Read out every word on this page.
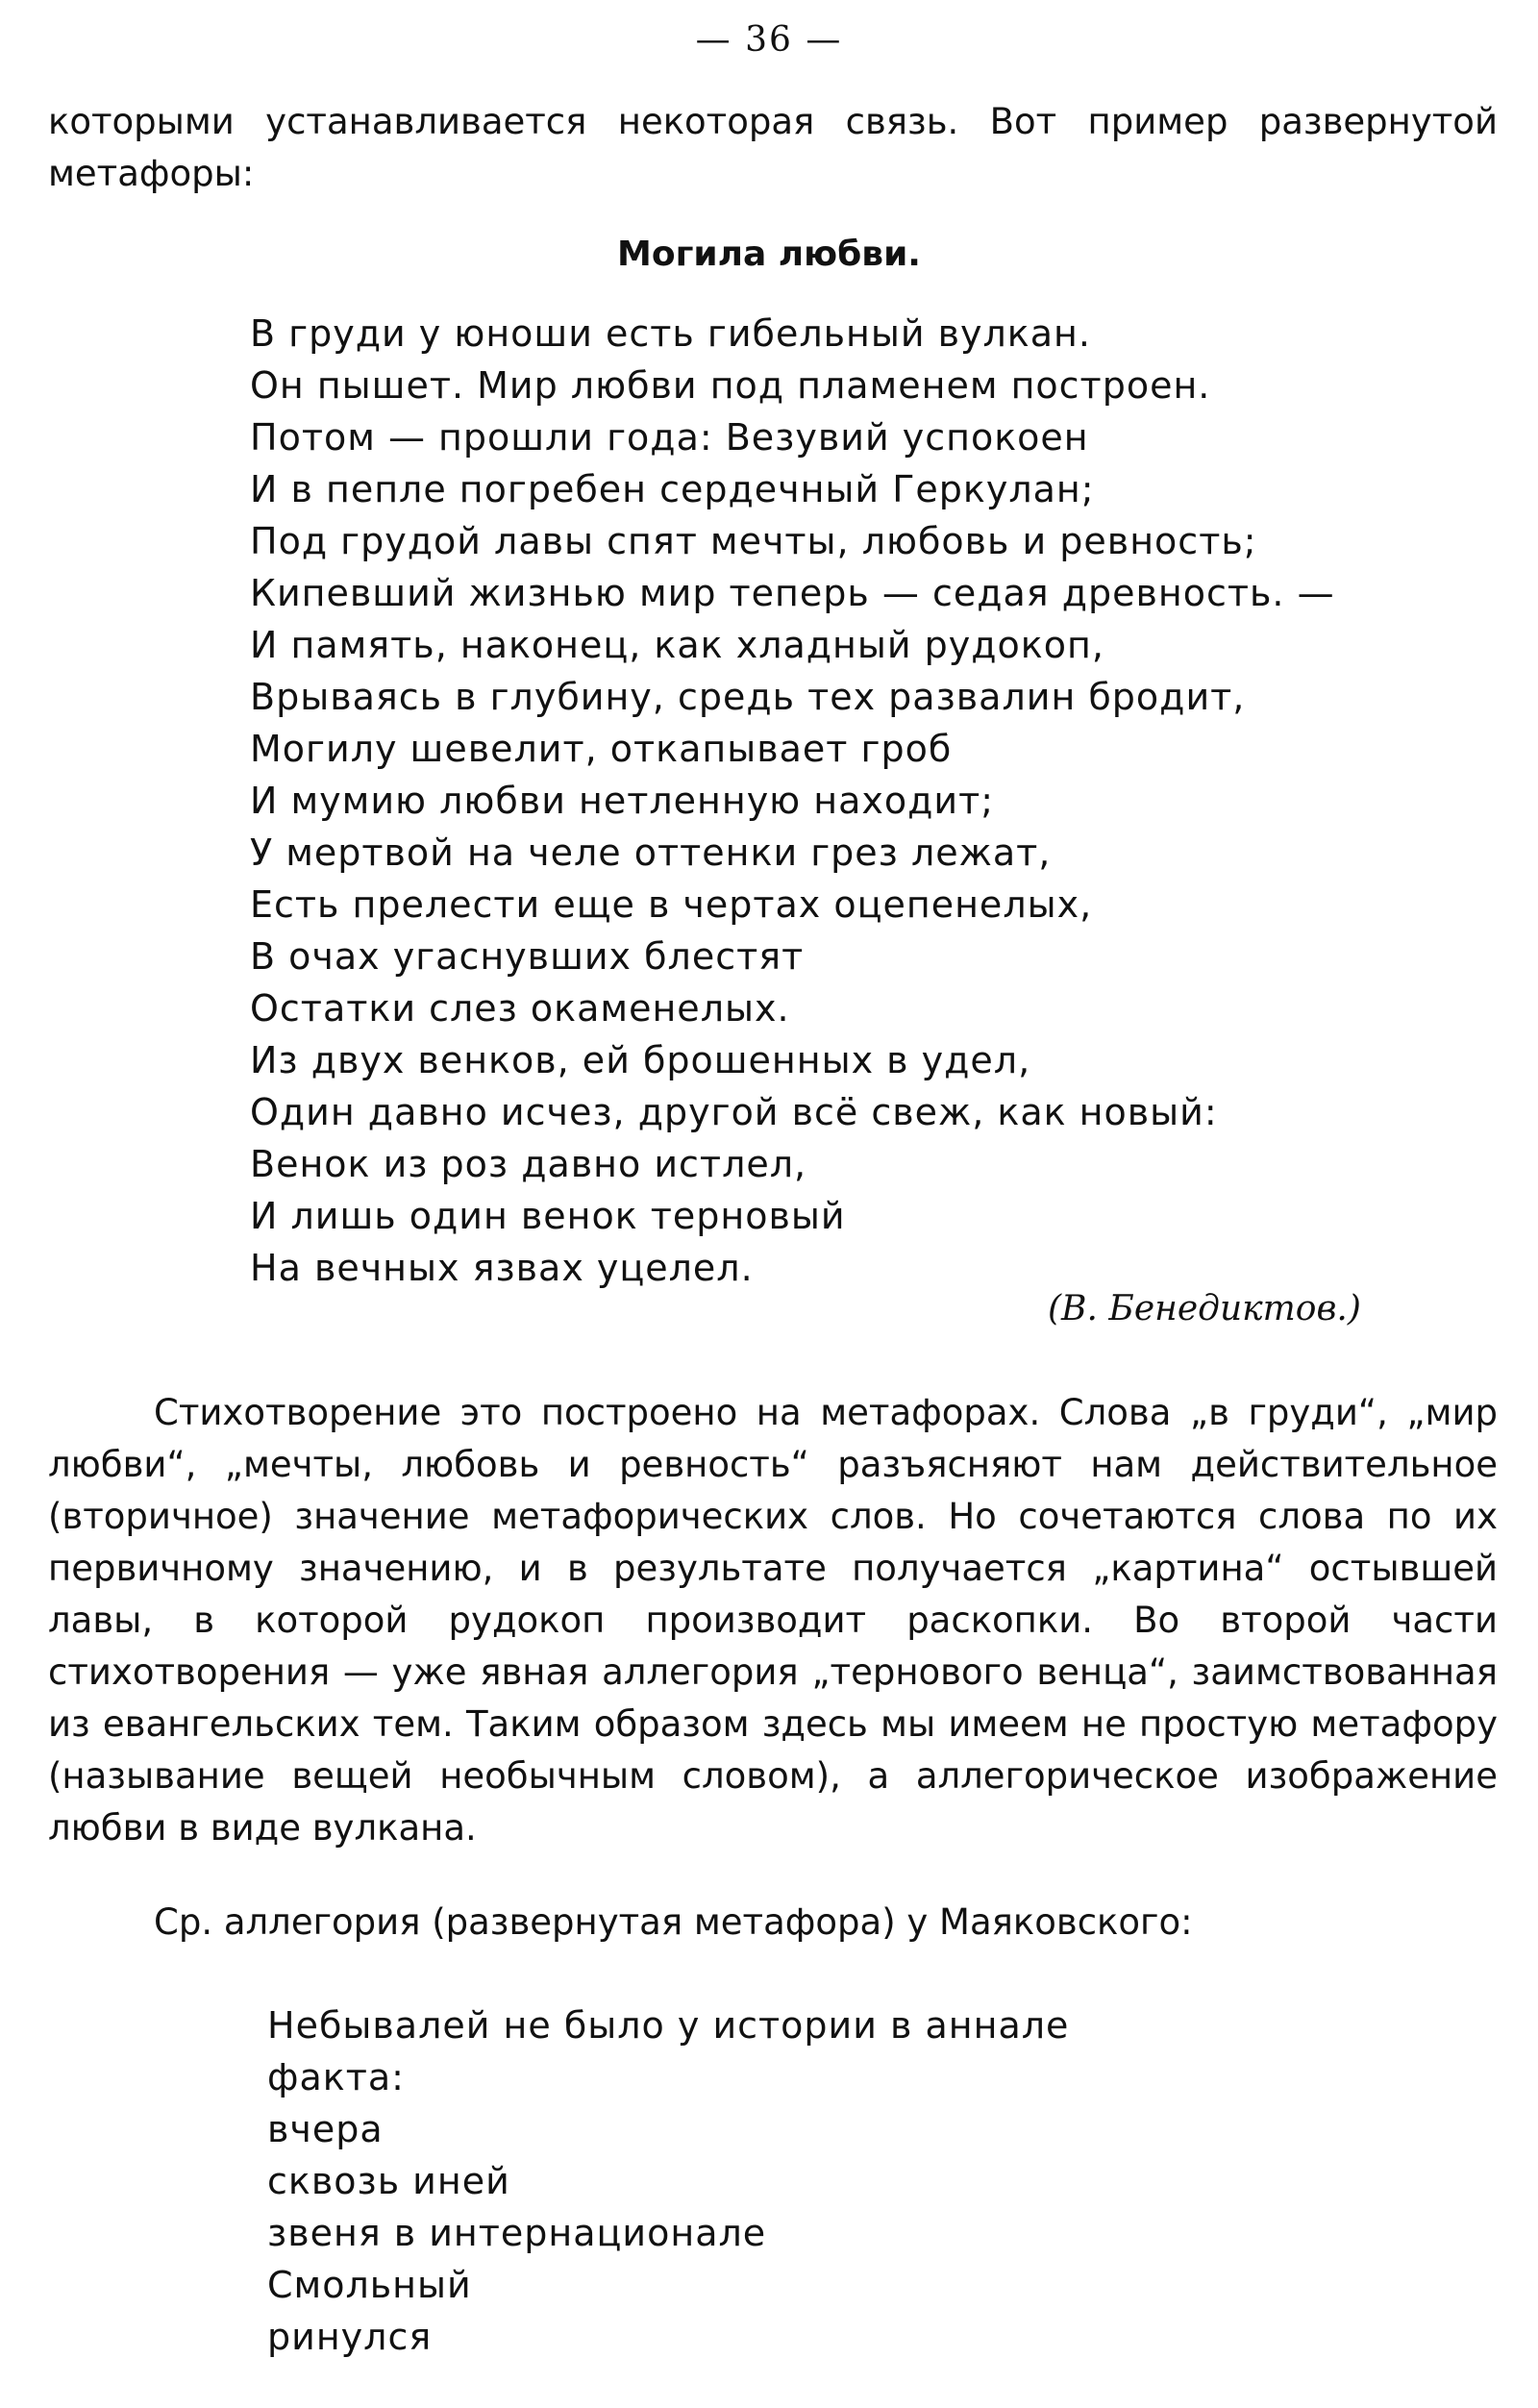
— 36 —

которыми устанавливается некоторая связь. Вот пример развернутой метафоры:

Могила любви.
В груди у юноши есть гибельный вулкан.
Он пышет. Мир любви под пламенем построен.
Потом — прошли года: Везувий успокоен
И в пепле погребен сердечный Геркулан;
Под грудой лавы спят мечты, любовь и ревность;
Кипевший жизнью мир теперь — седая древность. —
И память, наконец, как хладный рудокоп,
Врываясь в глубину, средь тех развалин бродит,
Могилу шевелит, откапывает гроб
И мумию любви нетленную находит;
У мертвой на челе оттенки грез лежат,
Есть прелести еще в чертах оцепенелых,
В очах угаснувших блестят
Остатки слез окаменелых.
Из двух венков, ей брошенных в удел,
Один давно исчез, другой всё свеж, как новый:
Венок из роз давно истлел,
И лишь один венок терновый
На вечных язвах уцелел.

(В. Бенедиктов.)

Стихотворение это построено на метафорах. Слова „в груди“, „мир любви“, „мечты, любовь и ревность“ разъясняют нам действительное (вторичное) значение метафорических слов. Но сочетаются слова по их первичному значению, и в результате получается „картина“ остывшей лавы, в которой рудокоп производит раскопки. Во второй части стихотворения — уже явная аллегория „тернового венца“, заимствованная из евангельских тем. Таким образом здесь мы имеем не простую метафору (называние вещей необычным словом), а аллегорическое изображение любви в виде вулкана.

Ср. аллегория (развернутая метафора) у Маяковского:

Небывалей не было у истории в аннале
факта:
вчера
сквозь иней
звеня в интернационале
Смольный
ринулся
